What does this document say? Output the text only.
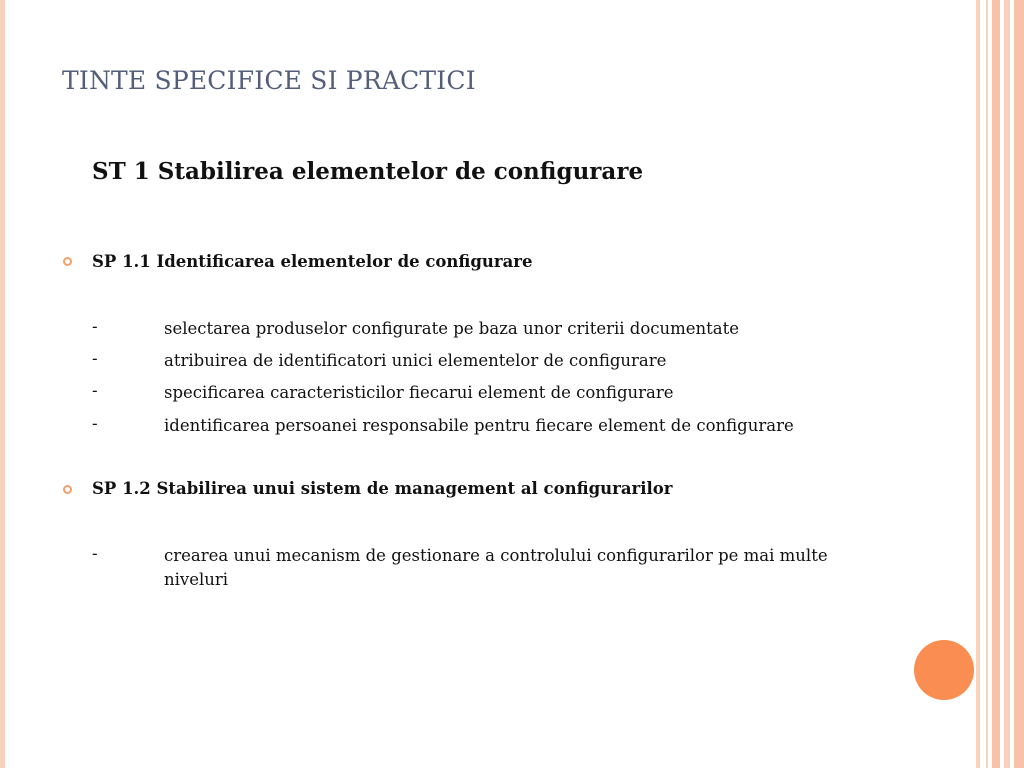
TINTE SPECIFICE SI PRACTICI
ST 1 Stabilirea elementelor de configurare
SP 1.1 Identificarea elementelor de configurare
-	selectarea produselor configurate pe baza unor criterii documentate
-	atribuirea de identificatori unici elementelor de configurare
-	specificarea caracteristicilor fiecarui element de configurare
-	identificarea persoanei responsabile pentru fiecare element de configurare
SP 1.2 Stabilirea unui sistem de management al configurarilor
-	crearea unui mecanism de gestionare a controlului configurarilor pe mai multe niveluri
